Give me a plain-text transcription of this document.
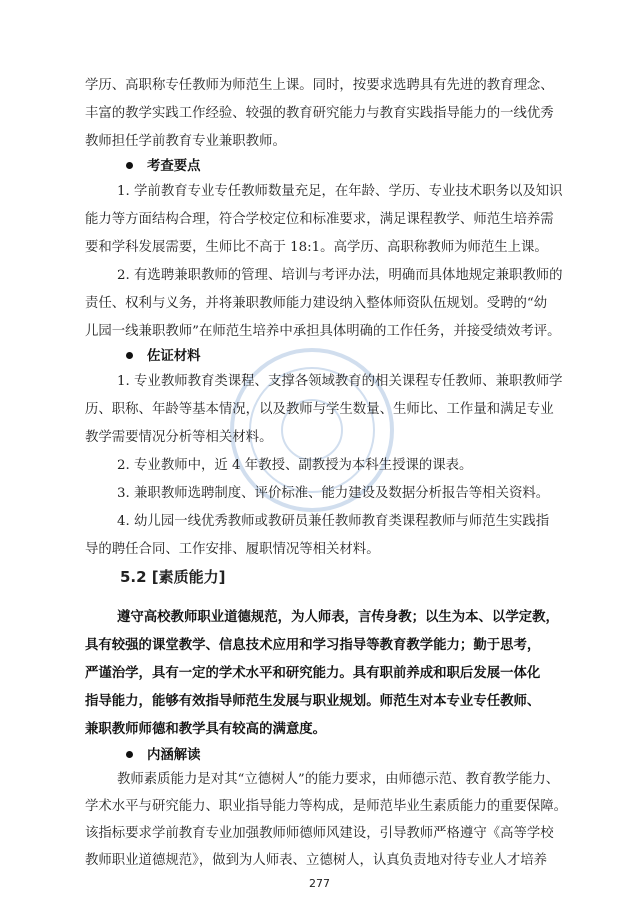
学历、高职称专任教师为师范生上课。同时，按要求选聘具有先进的教育理念、
丰富的教学实践工作经验、较强的教育研究能力与教育实践指导能力的一线优秀
教师担任学前教育专业兼职教师。
考查要点
1. 学前教育专业专任教师数量充足，在年龄、学历、专业技术职务以及知识
能力等方面结构合理，符合学校定位和标准要求，满足课程教学、师范生培养需
要和学科发展需要，生师比不高于 18:1。高学历、高职称教师为师范生上课。
2. 有选聘兼职教师的管理、培训与考评办法，明确而具体地规定兼职教师的
责任、权利与义务，并将兼职教师能力建设纳入整体师资队伍规划。受聘的“幼
儿园一线兼职教师”在师范生培养中承担具体明确的工作任务，并接受绩效考评。
佐证材料
1. 专业教师教育类课程、支撑各领域教育的相关课程专任教师、兼职教师学
历、职称、年龄等基本情况，以及教师与学生数量、生师比、工作量和满足专业
教学需要情况分析等相关材料。
2. 专业教师中，近 4 年教授、副教授为本科生授课的课表。
3. 兼职教师选聘制度、评价标准、能力建设及数据分析报告等相关资料。
4. 幼儿园一线优秀教师或教研员兼任教师教育类课程教师与师范生实践指
导的聘任合同、工作安排、履职情况等相关材料。
5.2 [素质能力]
遵守高校教师职业道德规范，为人师表，言传身教；以生为本、以学定教，
具有较强的课堂教学、信息技术应用和学习指导等教育教学能力；勤于思考，
严谨治学，具有一定的学术水平和研究能力。具有职前养成和职后发展一体化
指导能力，能够有效指导师范生发展与职业规划。师范生对本专业专任教师、
兼职教师师德和教学具有较高的满意度。
内涵解读
教师素质能力是对其“立德树人”的能力要求，由师德示范、教育教学能力、
学术水平与研究能力、职业指导能力等构成，是师范毕业生素质能力的重要保障。
该指标要求学前教育专业加强教师师德师风建设，引导教师严格遵守《高等学校
教师职业道德规范》，做到为人师表、立德树人，认真负责地对待专业人才培养
277
